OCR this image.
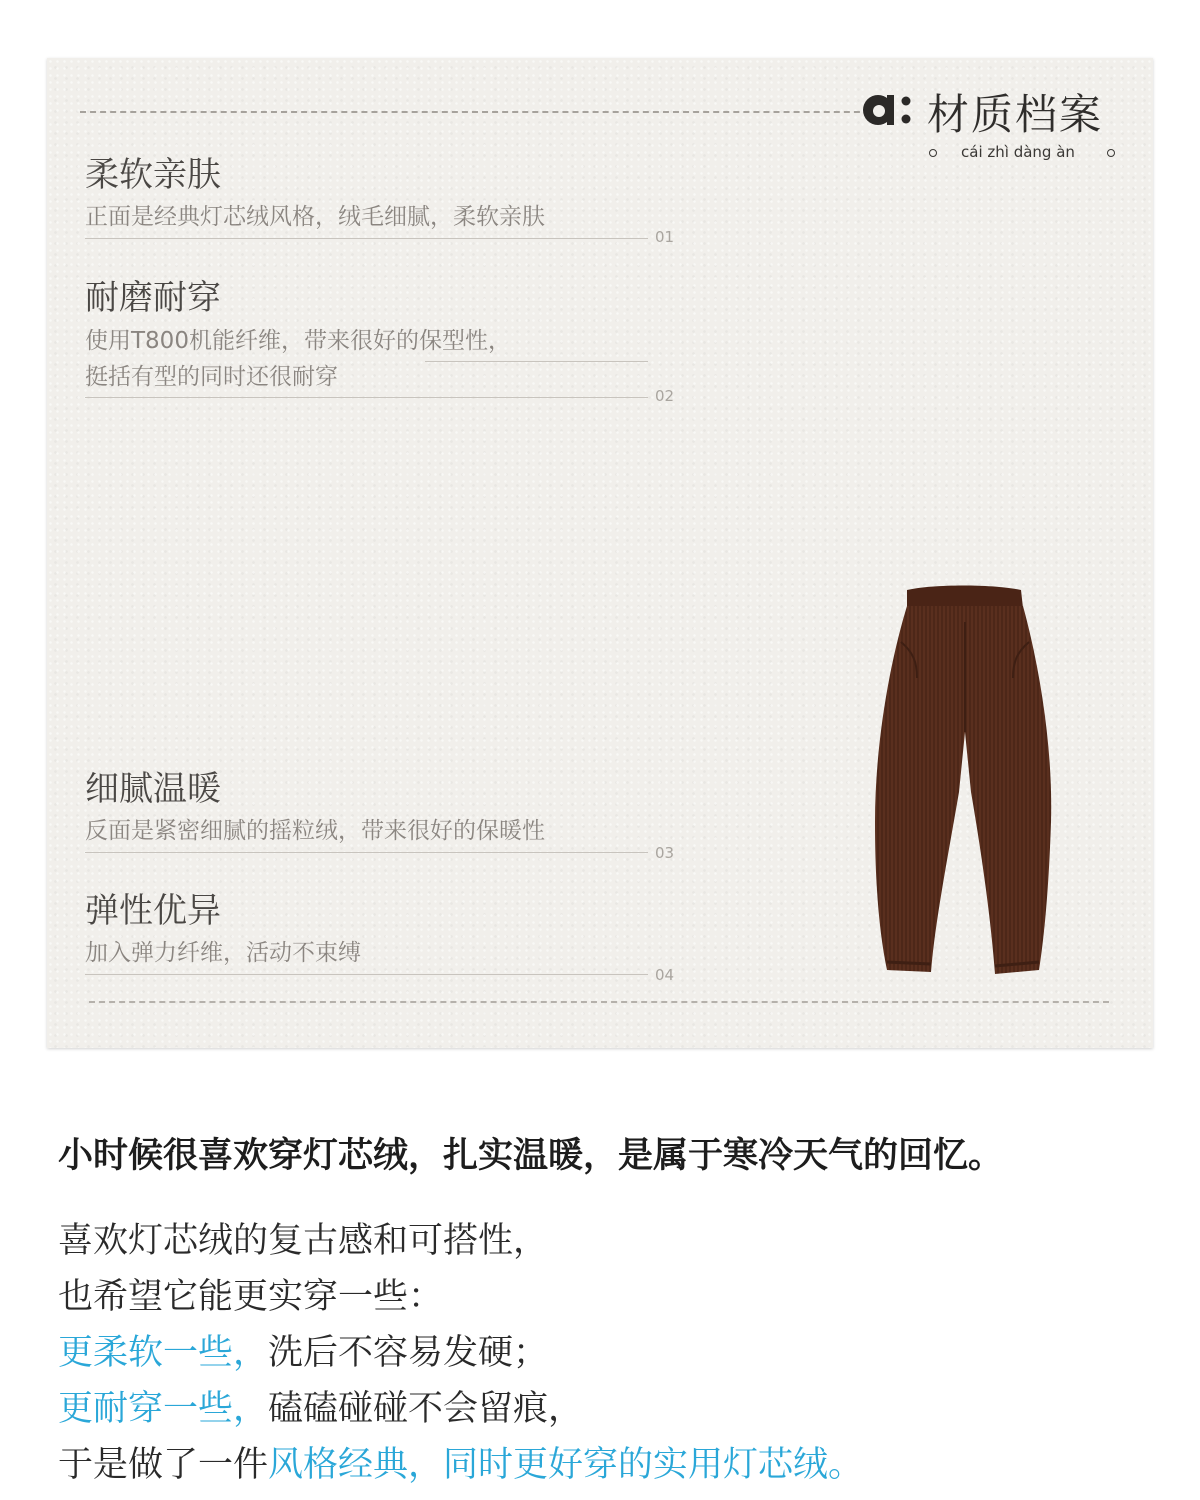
材质档案
cái zhì dàng àn
柔软亲肤

正面是经典灯芯绒风格，绒毛细腻，柔软亲肤

01
耐磨耐穿

使用T800机能纤维，带来很好的保型性，
挺括有型的同时还很耐穿

02
细腻温暖

反面是紧密细腻的摇粒绒，带来很好的保暖性

03
弹性优异

加入弹力纤维，活动不束缚

04
小时候很喜欢穿灯芯绒，扎实温暖，是属于寒冷天气的回忆。
喜欢灯芯绒的复古感和可搭性，
也希望它能更实穿一些：
更柔软一些，洗后不容易发硬；
更耐穿一些，磕磕碰碰不会留痕，
于是做了一件风格经典，同时更好穿的实用灯芯绒。
